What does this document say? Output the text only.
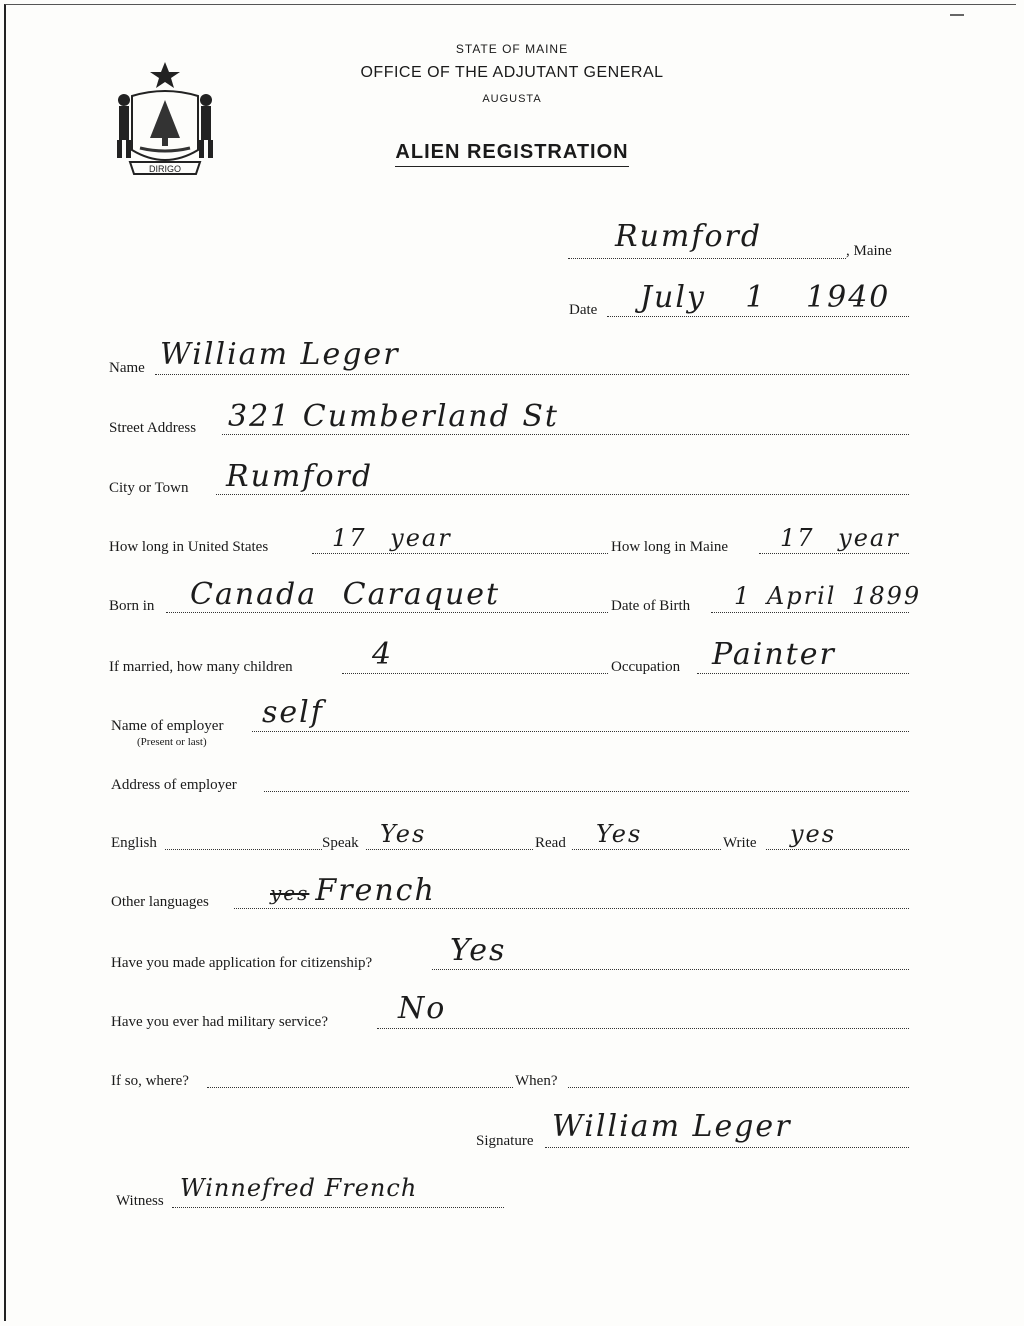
DIRIGO
STATE OF MAINE
OFFICE OF THE ADJUTANT GENERAL
AUGUSTA
ALIEN REGISTRATION
Rumford	, Maine
Date July 1 1940
Name William Leger
Street Address 321 Cumberland St
City or Town Rumford
How long in United States	17 year	How long in Maine 17 year
Born in Canada Caraquet	Date of Birth 1 April 1899
If married, how many children	4	Occupation Painter
Name of employer
(Present or last)
self
Address of employer
English	Speak Yes	Read Yes	Write yes
Other languages	yes French
Have you made application for citizenship?	Yes
Have you ever had military service? No
If so, where?	When?
Signature William Leger
Witness Winnefred French
